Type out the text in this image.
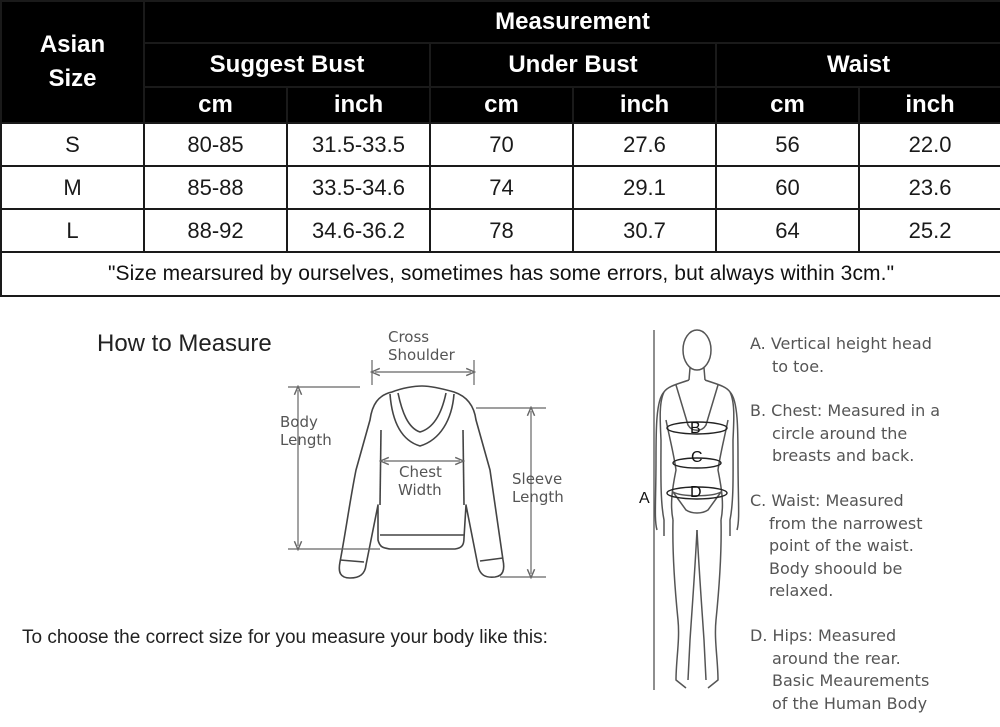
Asian Size	Measurement					
	Suggest Bust		Under Bust		Waist	
	cm	inch	cm	inch	cm	inch
S	80-85	31.5-33.5	70	27.6	56	22.0
M	85-88	33.5-34.6	74	29.1	60	23.6
L	88-92	34.6-36.2	78	30.7	64	25.2
"Size mearsured by ourselves, sometimes has some errors, but always within 3cm."						
How to Measure
To choose the correct size for you measure your body like this:
Cross
Shoulder
Body
Length
Chest
Width
Sleeve
Length	A
B
C
D
A. Vertical height head
to toe.
B. Chest: Measured in a
circle around the
breasts and back.
C. Waist: Measured
from the narrowest
point of the waist.
Body shoould be
relaxed.
D. Hips: Measured
around the rear.
Basic Meaurements
of the Human Body
